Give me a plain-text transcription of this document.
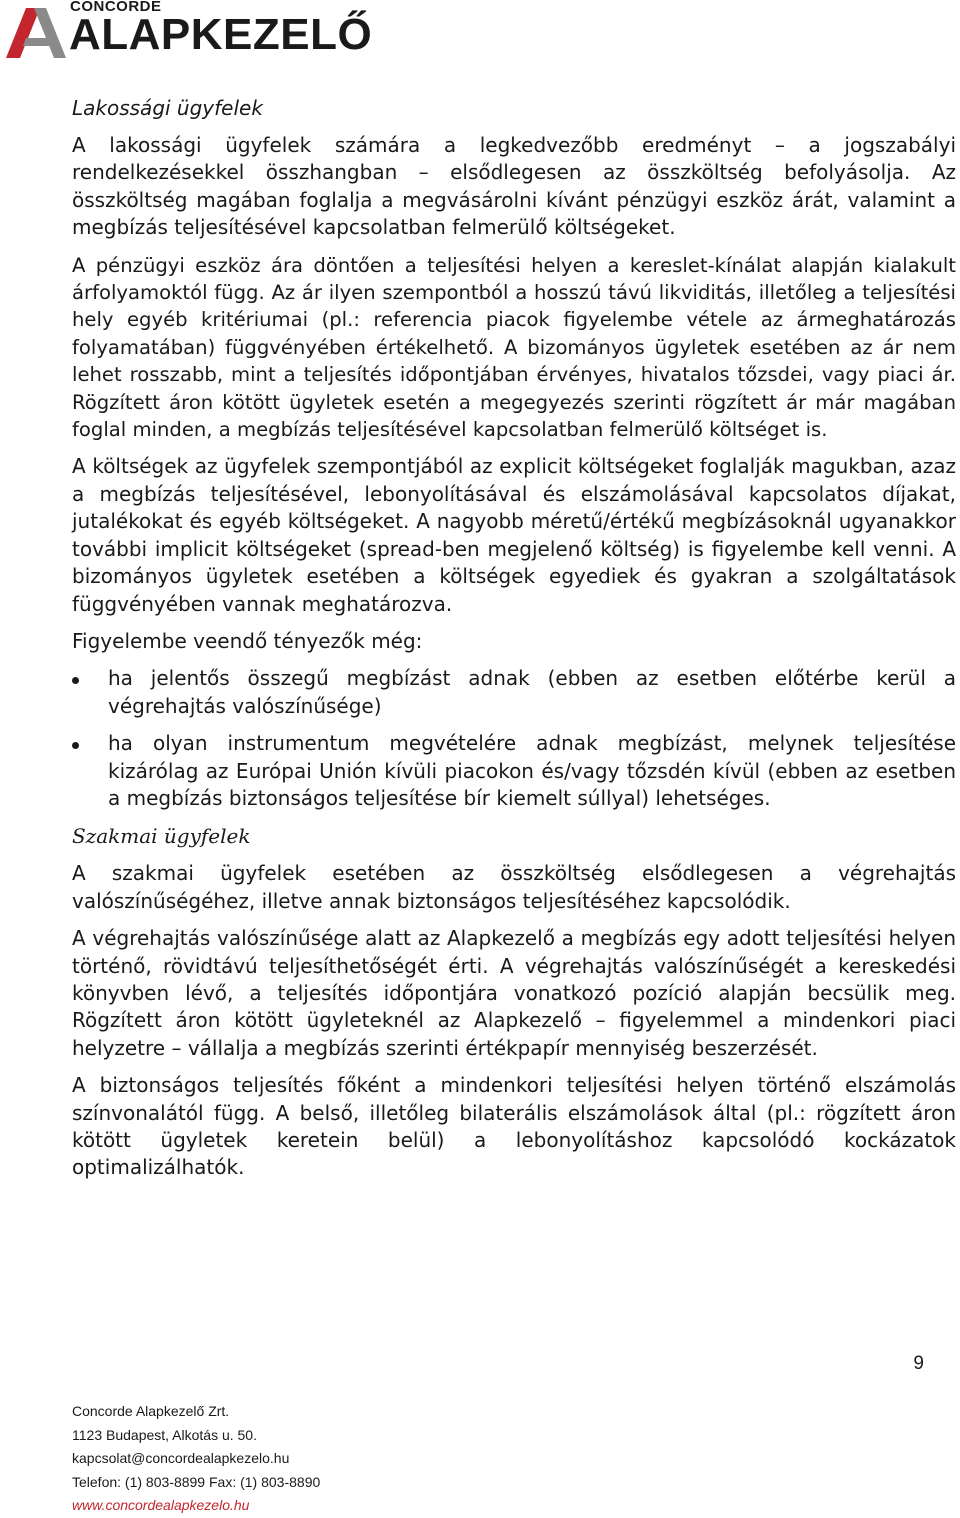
CONCORDE
ALAPKEZELŐ
Lakossági ügyfelek

A lakossági ügyfelek számára a legkedvezőbb eredményt – a jogszabályi rendelkezésekkel összhangban – elsődlegesen az összköltség befolyásolja. Az összköltség magában foglalja a megvásárolni kívánt pénzügyi eszköz árát, valamint a megbízás teljesítésével kapcsolatban felmerülő költségeket.

A pénzügyi eszköz ára döntően a teljesítési helyen a kereslet-kínálat alapján kialakult árfolyamoktól függ. Az ár ilyen szempontból a hosszú távú likviditás, illetőleg a teljesítési hely egyéb kritériumai (pl.: referencia piacok figyelembe vétele az ármeghatározás folyamatában) függvényében értékelhető. A bizományos ügyletek esetében az ár nem lehet rosszabb, mint a teljesítés időpontjában érvényes, hivatalos tőzsdei, vagy piaci ár. Rögzített áron kötött ügyletek esetén a megegyezés szerinti rögzített ár már magában foglal minden, a megbízás teljesítésével kapcsolatban felmerülő költséget is.

A költségek az ügyfelek szempontjából az explicit költségeket foglalják magukban, azaz a megbízás teljesítésével, lebonyolításával és elszámolásával kapcsolatos díjakat, jutalékokat és egyéb költségeket. A nagyobb méretű/értékű megbízásoknál ugyanakkor további implicit költségeket (spread-ben megjelenő költség) is figyelembe kell venni. A bizományos ügyletek esetében a költségek egyediek és gyakran a szolgáltatások függvényében vannak meghatározva.

Figyelembe veendő tényezők még:

ha jelentős összegű megbízást adnak (ebben az esetben előtérbe kerül a végrehajtás valószínűsége)
ha olyan instrumentum megvételére adnak megbízást, melynek teljesítése kizárólag az Európai Unión kívüli piacokon és/vagy tőzsdén kívül (ebben az esetben a megbízás biztonságos teljesítése bír kiemelt súllyal) lehetséges.
Szakmai ügyfelek

A szakmai ügyfelek esetében az összköltség elsődlegesen a végrehajtás valószínűségéhez, illetve annak biztonságos teljesítéséhez kapcsolódik.

A végrehajtás valószínűsége alatt az Alapkezelő a megbízás egy adott teljesítési helyen történő, rövidtávú teljesíthetőségét érti. A végrehajtás valószínűségét a kereskedési könyvben lévő, a teljesítés időpontjára vonatkozó pozíció alapján becsülik meg. Rögzített áron kötött ügyleteknél az Alapkezelő – figyelemmel a mindenkori piaci helyzetre – vállalja a megbízás szerinti értékpapír mennyiség beszerzését.

A biztonságos teljesítés főként a mindenkori teljesítési helyen történő elszámolás színvonalától függ. A belső, illetőleg bilaterális elszámolások által (pl.: rögzített áron kötött ügyletek keretein belül) a lebonyolításhoz kapcsolódó kockázatok optimalizálhatók.

9
Concorde Alapkezelő Zrt.
1123 Budapest, Alkotás u. 50.
kapcsolat@concordealapkezelo.hu
Telefon: (1) 803-8899 Fax: (1) 803-8890
www.concordealapkezelo.hu
